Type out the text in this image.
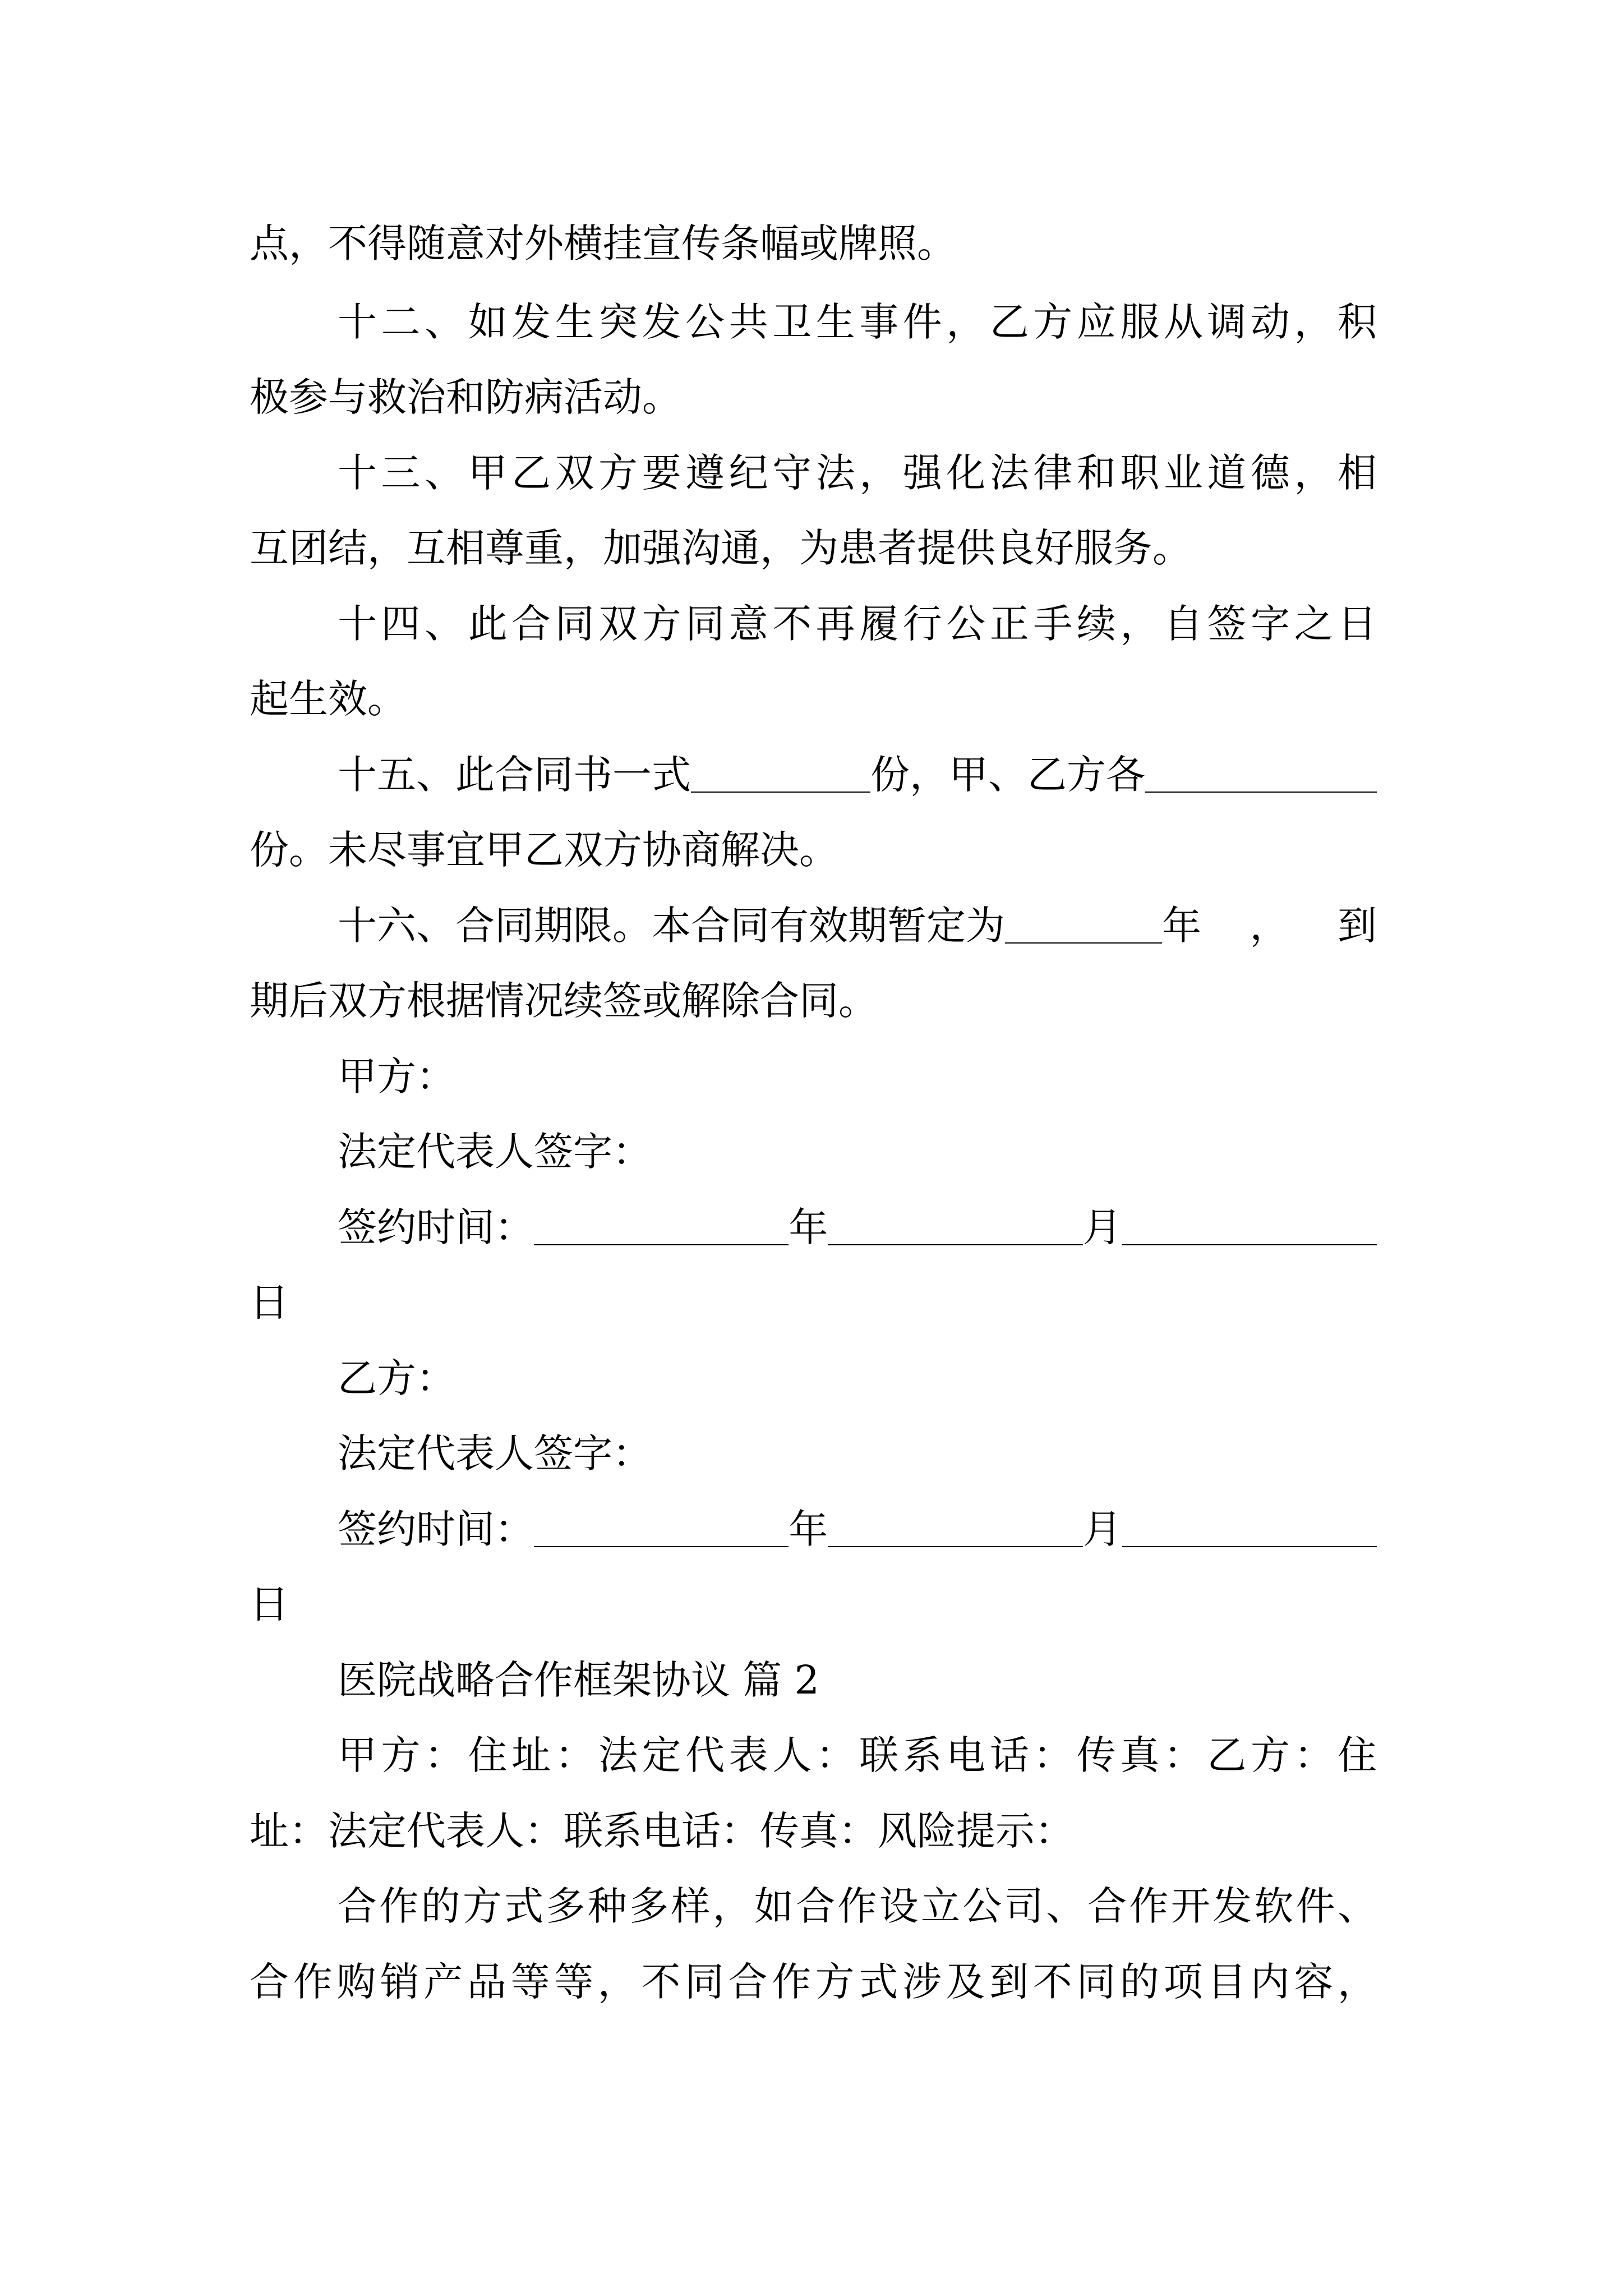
点，不得随意对外横挂宣传条幅或牌照。
十二、如发生突发公共卫生事件，乙方应服从调动，积
极参与救治和防病活动。
十三、甲乙双方要遵纪守法，强化法律和职业道德，相
互团结，互相尊重，加强沟通，为患者提供良好服务。
十四、此合同双方同意不再履行公正手续，自签字之日
起生效。
十五、此合同书一式	份，甲、乙方各
份。未尽事宜甲乙双方协商解决。
十六、合同期限。本合同有效期暂定为	年，到
期后双方根据情况续签或解除合同。
甲方：
法定代表人签字：
签约时间：	年	月
日
乙方：
法定代表人签字：
签约时间：	年	月
日
医院战略合作框架协议 篇 2
甲方：住址：法定代表人：联系电话：传真：乙方：住
址：法定代表人：联系电话：传真：风险提示：
合作的方式多种多样，如合作设立公司、合作开发软件、
合作购销产品等等，不同合作方式涉及到不同的项目内容，
